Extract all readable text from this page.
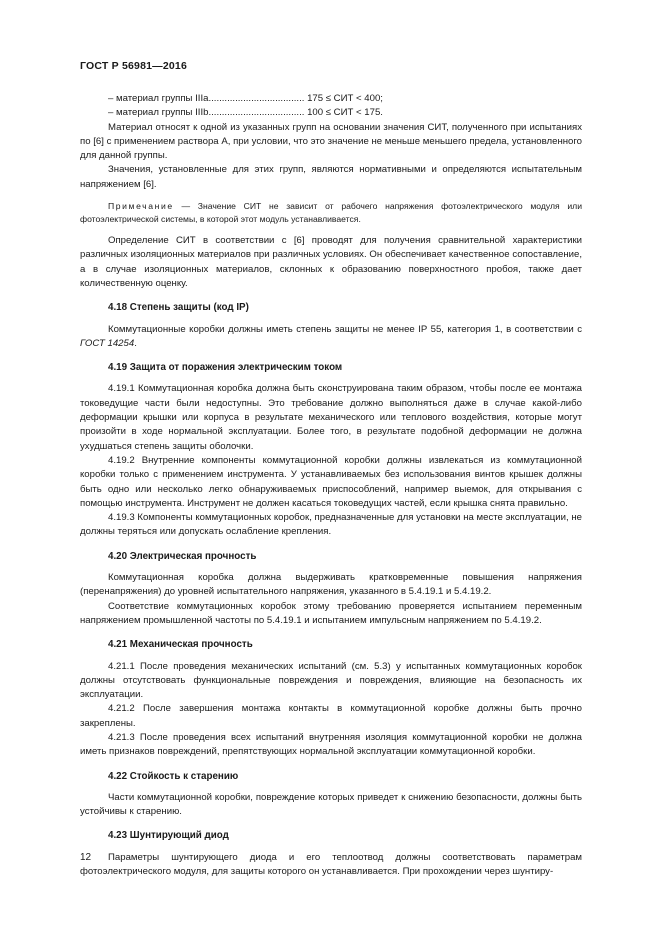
ГОСТ Р 56981—2016

– материал группы IIIa.................................... 175 ≤ СИТ < 400;

– материал группы IIIb.................................... 100 ≤ СИТ < 175.

Материал относят к одной из указанных групп на основании значения СИТ, полученного при испытаниях по [6] с применением раствора А, при условии, что это значение не меньше меньшего предела, установленного для данной группы.

Значения, установленные для этих групп, являются нормативными и определяются испытательным напряжением [6].

Примечание — Значение СИТ не зависит от рабочего напряжения фотоэлектрического модуля или фотоэлектрической системы, в которой этот модуль устанавливается.

Определение СИТ в соответствии с [6] проводят для получения сравнительной характеристики различных изоляционных материалов при различных условиях. Он обеспечивает качественное сопоставление, а в случае изоляционных материалов, склонных к образованию поверхностного пробоя, также дает количественную оценку.

4.18 Степень защиты (код IP)

Коммутационные коробки должны иметь степень защиты не менее IP 55, категория 1, в соответствии с ГОСТ 14254.

4.19 Защита от поражения электрическим током

4.19.1 Коммутационная коробка должна быть сконструирована таким образом, чтобы после ее монтажа токоведущие части были недоступны. Это требование должно выполняться даже в случае какой-либо деформации крышки или корпуса в результате механического или теплового воздействия, которые могут произойти в ходе нормальной эксплуатации. Более того, в результате подобной деформации не должна ухудшаться степень защиты оболочки.

4.19.2 Внутренние компоненты коммутационной коробки должны извлекаться из коммутационной коробки только с применением инструмента. У устанавливаемых без использования винтов крышек должны быть одно или несколько легко обнаруживаемых приспособлений, например выемок, для открывания с помощью инструмента. Инструмент не должен касаться токоведущих частей, если крышка снята правильно.

4.19.3 Компоненты коммутационных коробок, предназначенные для установки на месте эксплуатации, не должны теряться или допускать ослабление крепления.

4.20 Электрическая прочность

Коммутационная коробка должна выдерживать кратковременные повышения напряжения (перенапряжения) до уровней испытательного напряжения, указанного в 5.4.19.1 и 5.4.19.2.

Соответствие коммутационных коробок этому требованию проверяется испытанием переменным напряжением промышленной частоты по 5.4.19.1 и испытанием импульсным напряжением по 5.4.19.2.

4.21 Механическая прочность

4.21.1 После проведения механических испытаний (см. 5.3) у испытанных коммутационных коробок должны отсутствовать функциональные повреждения и повреждения, влияющие на безопасность их эксплуатации.

4.21.2 После завершения монтажа контакты в коммутационной коробке должны быть прочно закреплены.

4.21.3 После проведения всех испытаний внутренняя изоляция коммутационной коробки не должна иметь признаков повреждений, препятствующих нормальной эксплуатации коммутационной коробки.

4.22 Стойкость к старению

Части коммутационной коробки, повреждение которых приведет к снижению безопасности, должны быть устойчивы к старению.

4.23 Шунтирующий диод

Параметры шунтирующего диода и его теплоотвод должны соответствовать параметрам фотоэлектрического модуля, для защиты которого он устанавливается. При прохождении через шунтиру-

12
